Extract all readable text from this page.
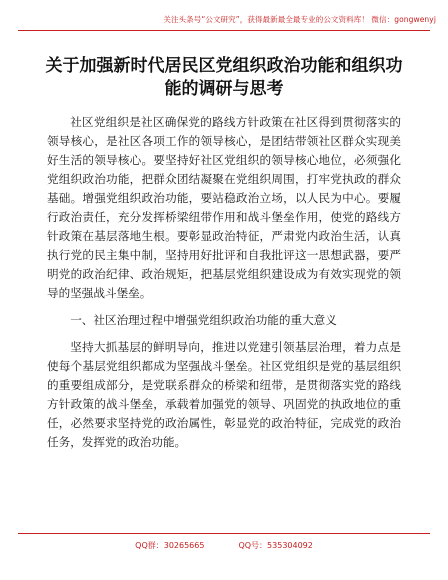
关注头条号“公文研究”，获得最新最全最专业的公文资料库！ 微信：gongwenyj
关于加强新时代居民区党组织政治功能和组织功能的调研与思考

社区党组织是社区确保党的路线方针政策在社区得到贯彻落实的领导核心，是社区各项工作的领导核心，是团结带领社区群众实现美好生活的领导核心。要坚持好社区党组织的领导核心地位，必须强化党组织政治功能，把群众团结凝聚在党组织周围，打牢党执政的群众基础。增强党组织政治功能，要站稳政治立场，以人民为中心。要履行政治责任，充分发挥桥梁纽带作用和战斗堡垒作用，使党的路线方针政策在基层落地生根。要彰显政治特征，严肃党内政治生活，认真执行党的民主集中制，坚持用好批评和自我批评这一思想武器，要严明党的政治纪律、政治规矩，把基层党组织建设成为有效实现党的领导的坚强战斗堡垒。

一、社区治理过程中增强党组织政治功能的重大意义

坚持大抓基层的鲜明导向，推进以党建引领基层治理，着力点是使每个基层党组织都成为坚强战斗堡垒。社区党组织是党的基层组织的重要组成部分，是党联系群众的桥梁和纽带，是贯彻落实党的路线方针政策的战斗堡垒，承载着加强党的领导、巩固党的执政地位的重任，必然要求坚持党的政治属性，彰显党的政治特征，完成党的政治任务，发挥党的政治功能。

QQ群：30265665	QQ号：535304092
